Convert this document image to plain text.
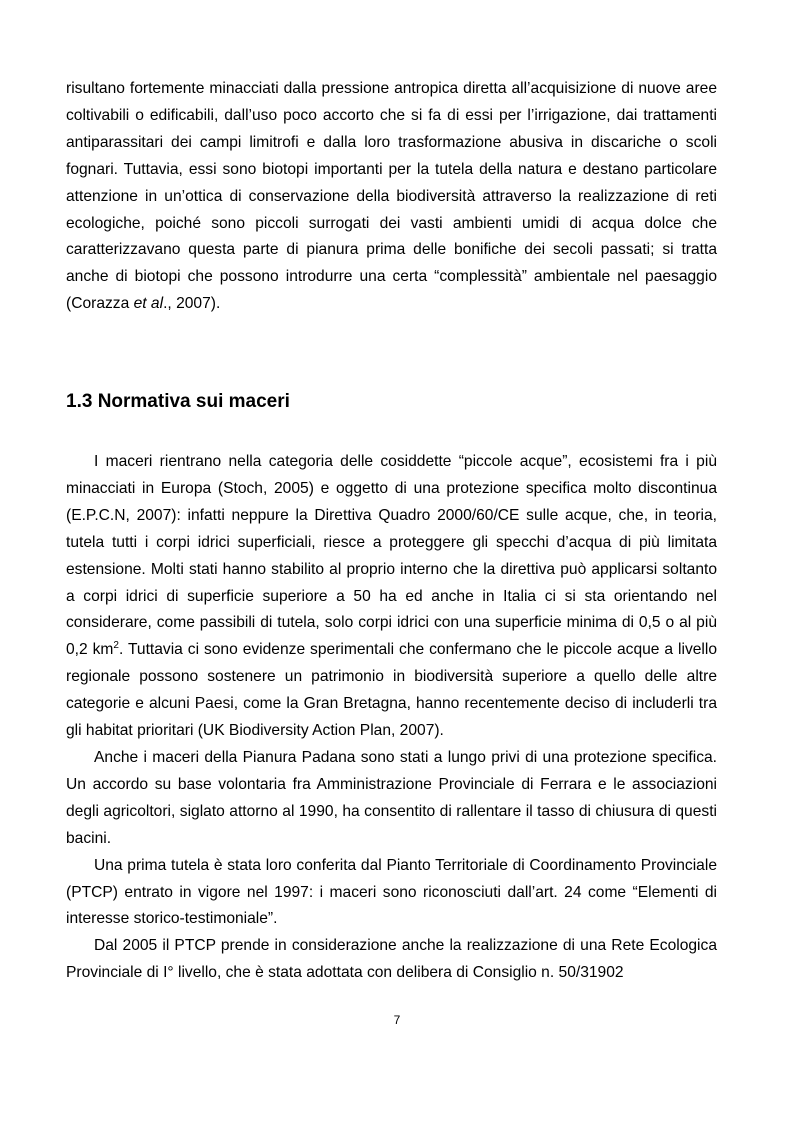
risultano fortemente minacciati dalla pressione antropica diretta all’acquisizione di nuove aree coltivabili o edificabili, dall’uso poco accorto che si fa di essi per l’irrigazione, dai trattamenti antiparassitari dei campi limitrofi e dalla loro trasformazione abusiva in discariche o scoli fognari. Tuttavia, essi sono biotopi importanti per la tutela della natura e destano particolare attenzione in un’ottica di conservazione della biodiversità attraverso la realizzazione di reti ecologiche, poiché sono piccoli surrogati dei vasti ambienti umidi di acqua dolce che caratterizzavano questa parte di pianura prima delle bonifiche dei secoli passati; si tratta anche di biotopi che possono introdurre una certa “complessità” ambientale nel paesaggio (Corazza et al., 2007).

1.3 Normativa sui maceri

I maceri rientrano nella categoria delle cosiddette “piccole acque”, ecosistemi fra i più minacciati in Europa (Stoch, 2005) e oggetto di una protezione specifica molto discontinua (E.P.C.N, 2007): infatti neppure la Direttiva Quadro 2000/60/CE sulle acque, che, in teoria, tutela tutti i corpi idrici superficiali, riesce a proteggere gli specchi d’acqua di più limitata estensione. Molti stati hanno stabilito al proprio interno che la direttiva può applicarsi soltanto a corpi idrici di superficie superiore a 50 ha ed anche in Italia ci si sta orientando nel considerare, come passibili di tutela, solo corpi idrici con una superficie minima di 0,5 o al più 0,2 $km^2$. Tuttavia ci sono evidenze sperimentali che confermano che le piccole acque a livello regionale possono sostenere un patrimonio in biodiversità superiore a quello delle altre categorie e alcuni Paesi, come la Gran Bretagna, hanno recentemente deciso di includerli tra gli habitat prioritari (UK Biodiversity Action Plan, 2007).

Anche i maceri della Pianura Padana sono stati a lungo privi di una protezione specifica. Un accordo su base volontaria fra Amministrazione Provinciale di Ferrara e le associazioni degli agricoltori, siglato attorno al 1990, ha consentito di rallentare il tasso di chiusura di questi bacini.

Una prima tutela è stata loro conferita dal Pianto Territoriale di Coordinamento Provinciale (PTCP) entrato in vigore nel 1997: i maceri sono riconosciuti dall’art. 24 come “Elementi di interesse storico-testimoniale”.

Dal 2005 il PTCP prende in considerazione anche la realizzazione di una Rete Ecologica Provinciale di I° livello, che è stata adottata con delibera di Consiglio n. 50/31902

7
